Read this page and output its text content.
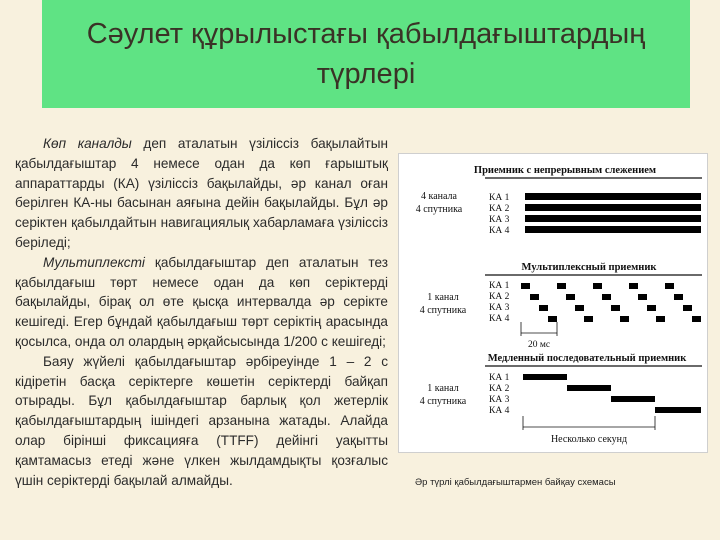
Сәулет құрылыстағы қабылдағыштардың түрлері

Көп каналды деп аталатын үзіліссіз бақылайтын қабылдағыштар 4 немесе одан да көп ғарыштық аппараттарды (КА) үзіліссіз бақылайды, әр канал оған берілген КА-ны басынан аяғына дейін бақылайды. Бұл әр серіктен қабылдайтын навигациялық хабарламаға үзіліссіз беріледі;

Мультиплексті қабылдағыштар деп аталатын тез қабылдағыш төрт немесе одан да көп серіктерді бақылайды, бірақ ол өте қысқа интервалда әр серікте кешігеді. Егер бұндай қабылдағыш төрт серіктің арасында қосылса, онда ол олардың әрқайсысында 1/200 с кешігеді;

Баяу жүйелі қабылдағыштар әрбіреуінде 1 – 2 с кідіретін басқа серіктерге көшетін серіктерді байқап отырады. Бұл қабылдағыштар барлық қол жетерлік қабылдағыштардың ішіндегі арзанына жатады. Алайда олар бірінші фиксацияға (TTFF) дейінгі уақытты қамтамасыз етеді және үлкен жылдамдықты қозғалыс үшін серіктерді бақылай алмайды.

Приемник с непрерывным слежением
4 канала
4 спутника
КА 1
КА 2
КА 3
КА 4
Мультиплексный приемник
1 канал
4 спутника
КА 1
КА 2
КА 3
КА 4
20 мс
Медленный последовательный приемник
1 канал
4 спутника
КА 1
КА 2
КА 3
КА 4
Несколько секунд
Әр түрлі қабылдағыштармен байқау схемасы
